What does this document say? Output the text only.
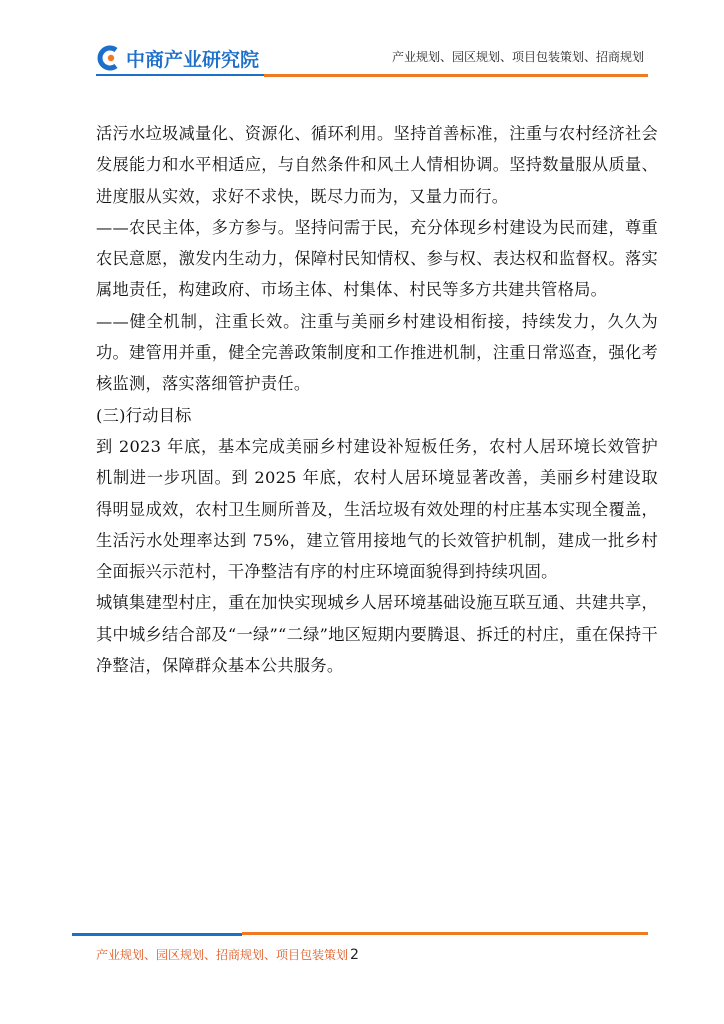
中商产业研究院	产业规划、园区规划、项目包装策划、招商规划

活污水垃圾减量化、资源化、循环利用。坚持首善标准，注重与农村经济社会发展能力和水平相适应，与自然条件和风土人情相协调。坚持数量服从质量、进度服从实效，求好不求快，既尽力而为，又量力而行。

——农民主体，多方参与。坚持问需于民，充分体现乡村建设为民而建，尊重农民意愿，激发内生动力，保障村民知情权、参与权、表达权和监督权。落实属地责任，构建政府、市场主体、村集体、村民等多方共建共管格局。

——健全机制，注重长效。注重与美丽乡村建设相衔接，持续发力，久久为功。建管用并重，健全完善政策制度和工作推进机制，注重日常巡查，强化考核监测，落实落细管护责任。

(三)行动目标

到 2023 年底，基本完成美丽乡村建设补短板任务，农村人居环境长效管护机制进一步巩固。到 2025 年底，农村人居环境显著改善，美丽乡村建设取得明显成效，农村卫生厕所普及，生活垃圾有效处理的村庄基本实现全覆盖，生活污水处理率达到 75%，建立管用接地气的长效管护机制，建成一批乡村全面振兴示范村，干净整洁有序的村庄环境面貌得到持续巩固。

城镇集建型村庄，重在加快实现城乡人居环境基础设施互联互通、共建共享，其中城乡结合部及“一绿”“二绿”地区短期内要腾退、拆迁的村庄，重在保持干净整洁，保障群众基本公共服务。

产业规划、园区规划、招商规划、项目包装策划 2
